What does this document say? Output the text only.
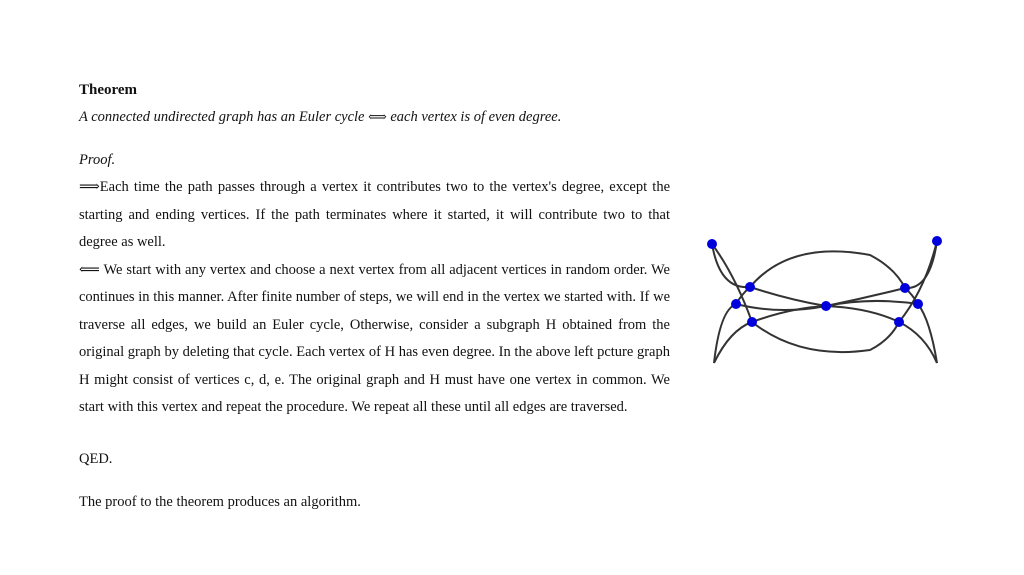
Theorem
A connected undirected graph has an Euler cycle ⟺ each vertex is of even degree.
Proof.

⟹Each time the path passes through a vertex it contributes two to the vertex's degree, except the starting and ending vertices. If the path terminates where it started, it will contribute two to that degree as well.

⟸ We start with any vertex and choose a next vertex from all adjacent vertices in random order. We continues in this manner. After finite number of steps, we will end in the vertex we started with. If we traverse all edges, we build an Euler cycle, Otherwise, consider a subgraph H obtained from the original graph by deleting that cycle. Each vertex of H has even degree. In the above left pcture graph H might consist of vertices c, d, e. The original graph and H must have one vertex in common. We start with this vertex and repeat the procedure. We repeat all these until all edges are traversed.

QED.
The proof to the theorem produces an algorithm.
